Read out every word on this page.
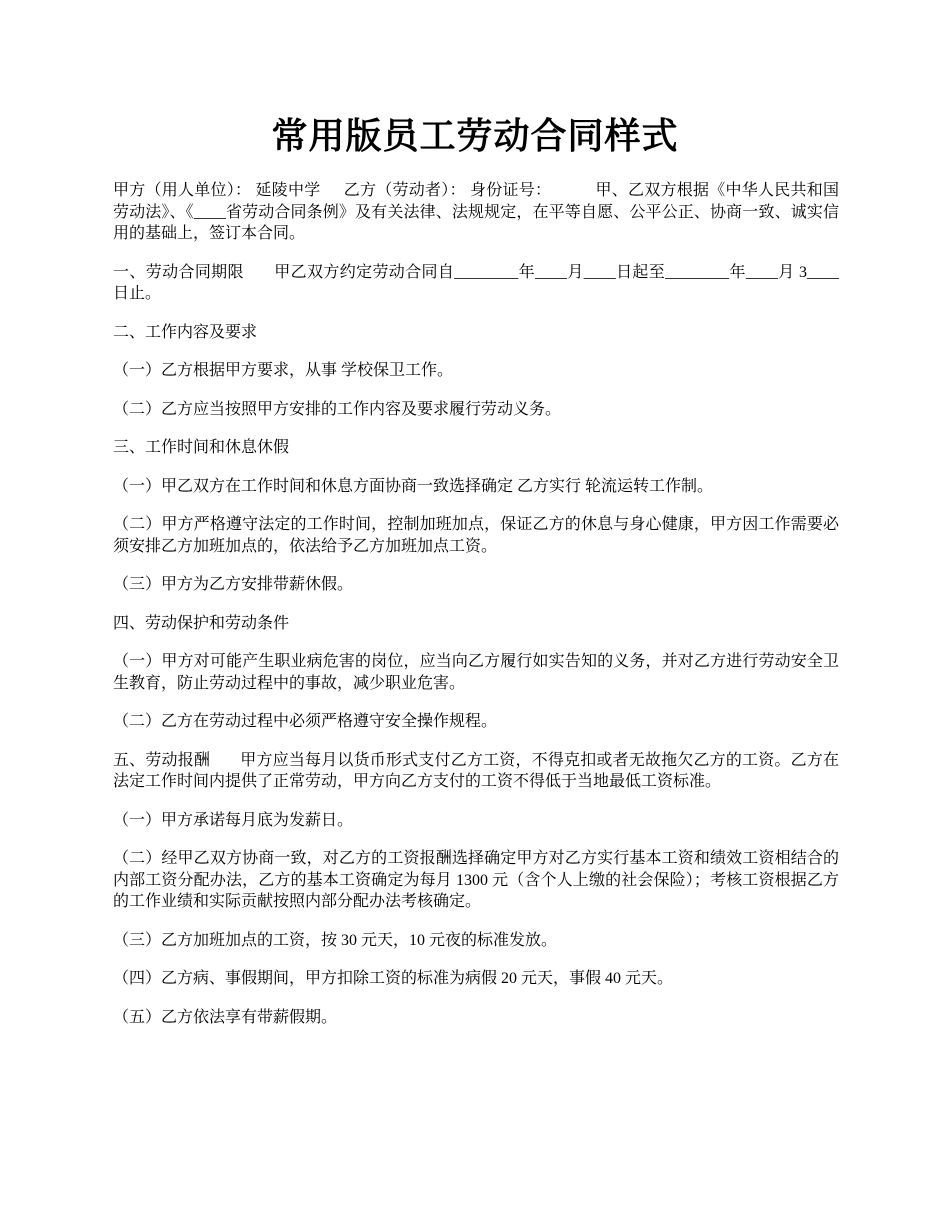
常用版员工劳动合同样式

甲方（用人单位）： 延陵中学 乙方（劳动者）： 身份证号：	甲、乙双方根据《中华人民共和国劳动法》、《____省劳动合同条例》及有关法律、法规规定，在平等自愿、公平公正、协商一致、诚实信用的基础上，签订本合同。

一、劳动合同期限 甲乙双方约定劳动合同自________年____月____日起至________年____月 3____日止。

二、工作内容及要求

（一）乙方根据甲方要求，从事 学校保卫工作。

（二）乙方应当按照甲方安排的工作内容及要求履行劳动义务。

三、工作时间和休息休假

（一）甲乙双方在工作时间和休息方面协商一致选择确定 乙方实行 轮流运转工作制。

（二）甲方严格遵守法定的工作时间，控制加班加点，保证乙方的休息与身心健康，甲方因工作需要必须安排乙方加班加点的，依法给予乙方加班加点工资。

（三）甲方为乙方安排带薪休假。

四、劳动保护和劳动条件

（一）甲方对可能产生职业病危害的岗位，应当向乙方履行如实告知的义务，并对乙方进行劳动安全卫生教育，防止劳动过程中的事故，减少职业危害。

（二）乙方在劳动过程中必须严格遵守安全操作规程。

五、劳动报酬 甲方应当每月以货币形式支付乙方工资，不得克扣或者无故拖欠乙方的工资。乙方在法定工作时间内提供了正常劳动，甲方向乙方支付的工资不得低于当地最低工资标准。

（一）甲方承诺每月底为发薪日。

（二）经甲乙双方协商一致，对乙方的工资报酬选择确定甲方对乙方实行基本工资和绩效工资相结合的内部工资分配办法，乙方的基本工资确定为每月 1300 元（含个人上缴的社会保险）；考核工资根据乙方的工作业绩和实际贡献按照内部分配办法考核确定。

（三）乙方加班加点的工资，按 30 元天，10 元夜的标准发放。

（四）乙方病、事假期间，甲方扣除工资的标准为病假 20 元天，事假 40 元天。

（五）乙方依法享有带薪假期。
